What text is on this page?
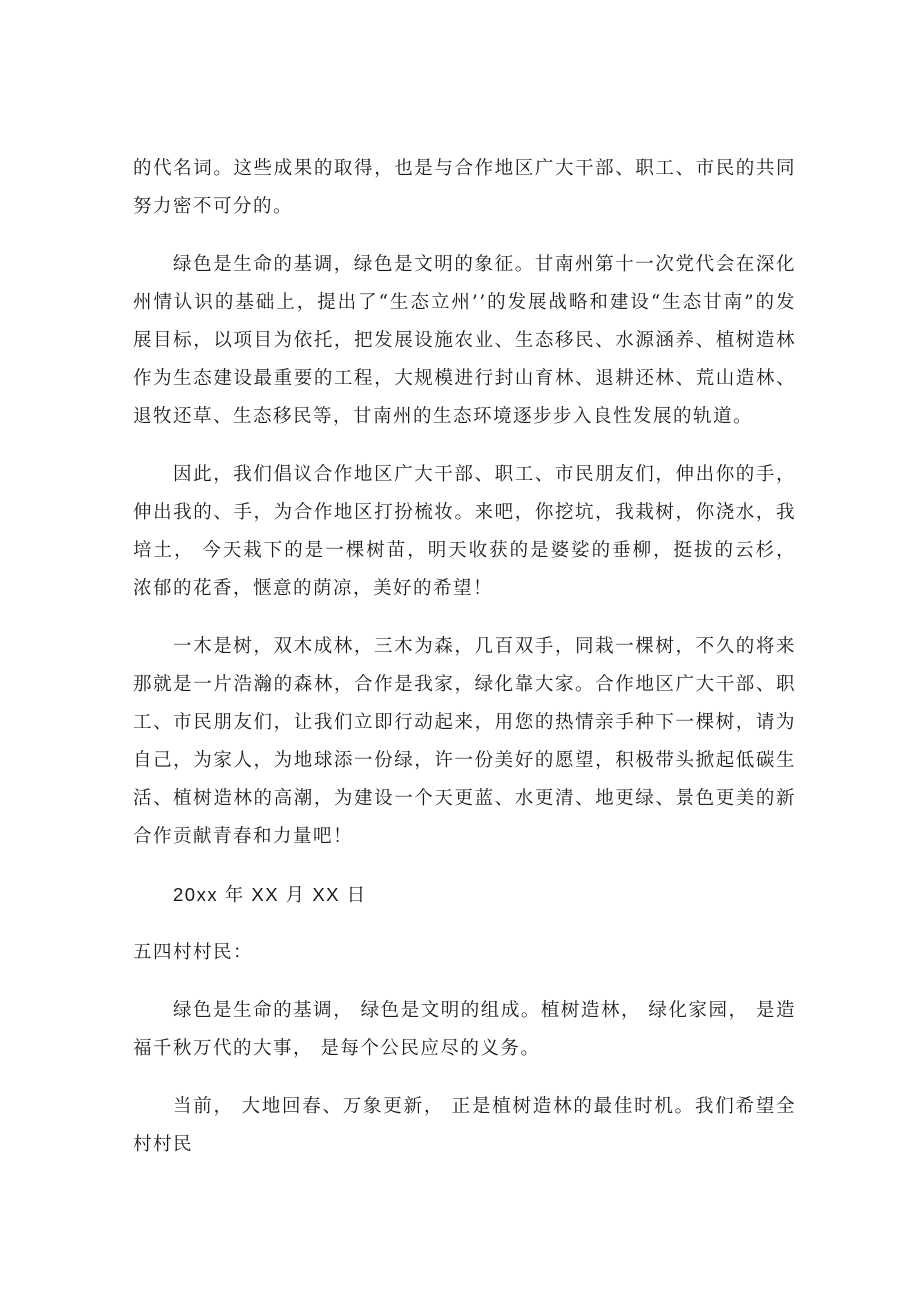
的代名词。这些成果的取得，也是与合作地区广大干部、职工、市民的共同努力密不可分的。

绿色是生命的基调，绿色是文明的象征。甘南州第十一次党代会在深化州情认识的基础上，提出了“生态立州’’的发展战略和建设“生态甘南”的发展目标，以项目为依托，把发展设施农业、生态移民、水源涵养、植树造林作为生态建设最重要的工程，大规模进行封山育林、退耕还林、荒山造林、退牧还草、生态移民等，甘南州的生态环境逐步步入良性发展的轨道。

因此，我们倡议合作地区广大干部、职工、市民朋友们，伸出你的手， 伸出我的、手，为合作地区打扮梳妆。来吧，你挖坑，我栽树，你浇水，我培土， 今天栽下的是一棵树苗，明天收获的是婆娑的垂柳，挺拔的云杉，浓郁的花香，惬意的荫凉，美好的希望！

一木是树，双木成林，三木为森，几百双手，同栽一棵树，不久的将来那就是一片浩瀚的森林，合作是我家，绿化靠大家。合作地区广大干部、职工、市民朋友们，让我们立即行动起来，用您的热情亲手种下一棵树，请为自己，为家人，为地球添一份绿，许一份美好的愿望，积极带头掀起低碳生活、植树造林的高潮，为建设一个天更蓝、水更清、地更绿、景色更美的新合作贡献青春和力量吧！

20xx 年 XX 月 XX 日

五四村村民：

绿色是生命的基调， 绿色是文明的组成。植树造林， 绿化家园， 是造福千秋万代的大事， 是每个公民应尽的义务。

当前， 大地回春、万象更新， 正是植树造林的最佳时机。我们希望全村村民
